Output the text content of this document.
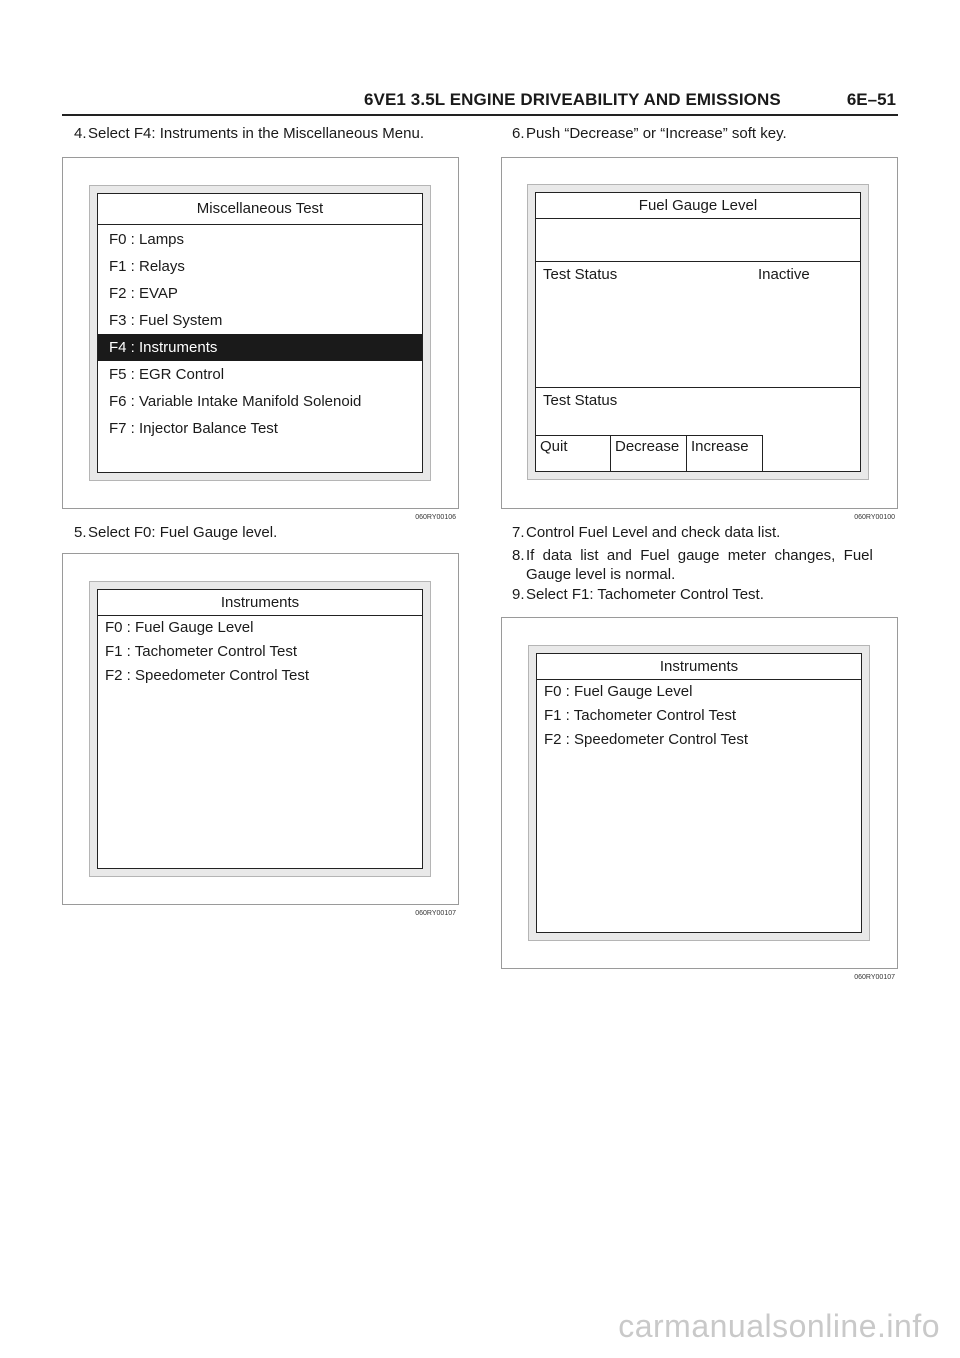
6VE1 3.5L ENGINE DRIVEABILITY AND EMISSIONS	6E–51
4.Select F4: Instruments in the Miscellaneous Menu.
Miscellaneous Test
F0 : Lamps
F1 : Relays
F2 : EVAP
F3 : Fuel System
F4 : Instruments
F5 : EGR Control
F6 : Variable Intake Manifold Solenoid
F7 : Injector Balance Test
060RY00106
5.Select F0: Fuel Gauge level.
Instruments
F0 : Fuel Gauge Level
F1 : Tachometer Control Test
F2 : Speedometer Control Test
060RY00107
6.Push “Decrease” or “Increase” soft key.
Fuel Gauge Level
Test Status	Inactive
Test Status
Quit	Decrease Increase
060RY00100
7.Control Fuel Level and check data list.
8.If  data  list  and  Fuel  gauge  meter  changes,  Fuel
Gauge level is normal.
9.Select F1: Tachometer Control Test.
Instruments
F0 : Fuel Gauge Level
F1 : Tachometer Control Test
F2 : Speedometer Control Test
060RY00107
carmanualsonline.info
